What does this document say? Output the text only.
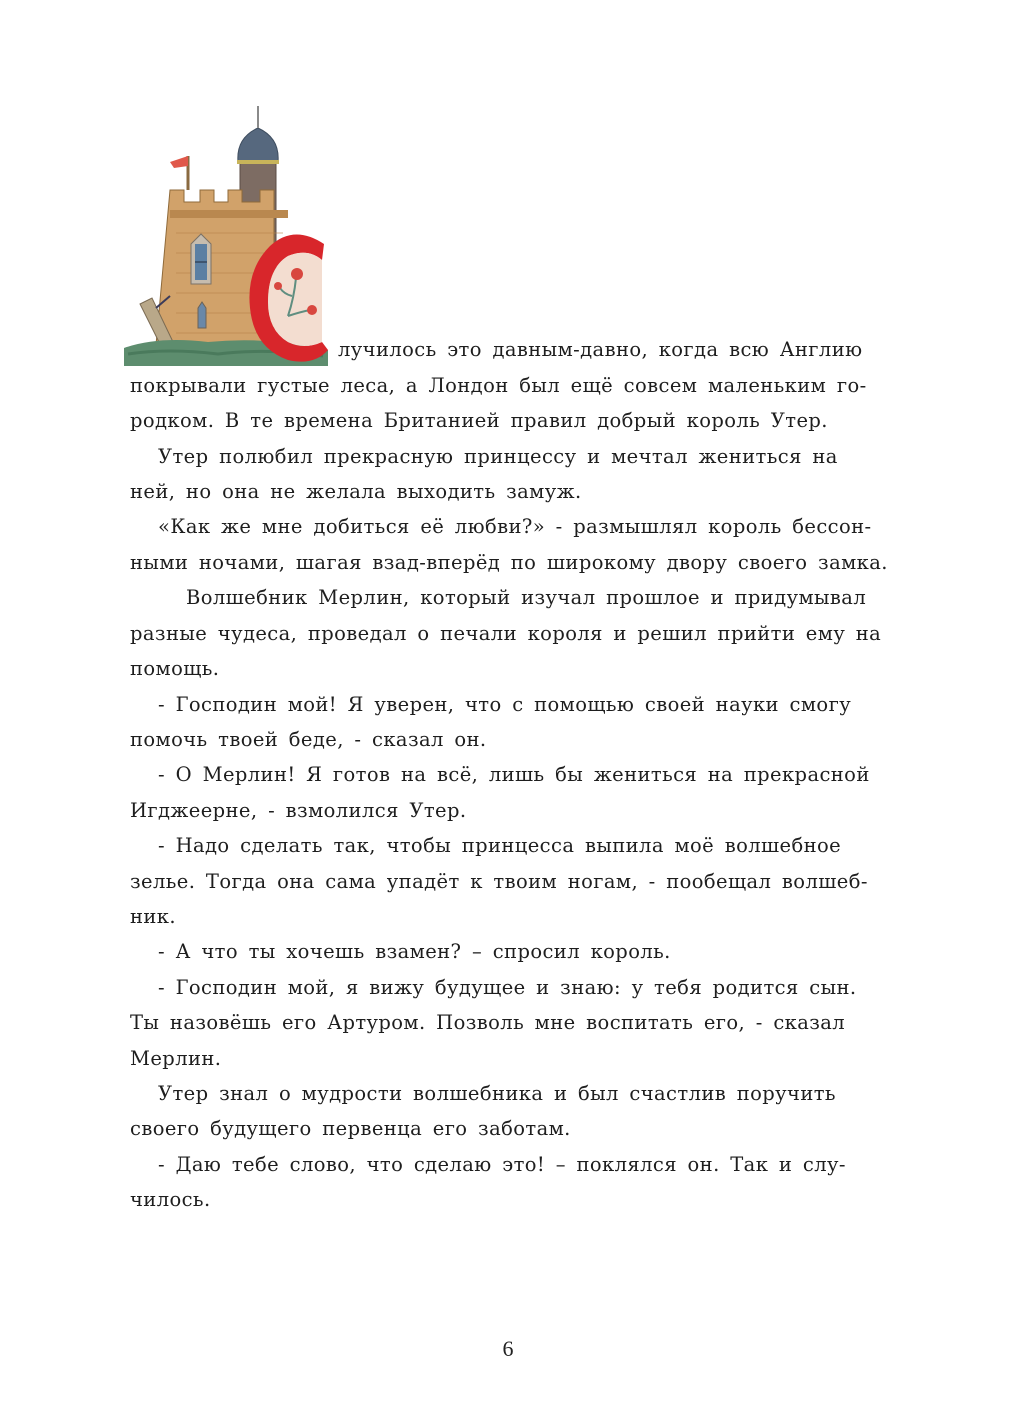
лучилось это давным-давно, когда всю Англию
покрывали густые леса, а Лондон был ещё совсем маленьким го-
родком. В те времена Британией правил добрый король Утер.
Утер полюбил прекрасную принцессу и мечтал жениться на
ней, но она не желала выходить замуж.
«Как же мне добиться её любви?» - размышлял король бессон-
ными ночами, шагая взад-вперёд по широкому двору своего замка.
Волшебник Мерлин, который изучал прошлое и придумывал
разные чудеса, проведал о печали короля и решил прийти ему на
помощь.
- Господин мой! Я уверен, что с помощью своей науки смогу
помочь твоей беде, - сказал он.
- О Мерлин! Я готов на всё, лишь бы жениться на прекрасной
Игджеерне, - взмолился Утер.
- Надо сделать так, чтобы принцесса выпила моё волшебное
зелье. Тогда она сама упадёт к твоим ногам, - пообещал волшеб-
ник.
- А что ты хочешь взамен? – спросил король.
- Господин мой, я вижу будущее и знаю: у тебя родится сын.
Ты назовёшь его Артуром. Позволь мне воспитать его, - сказал
Мерлин.
Утер знал о мудрости волшебника и был счастлив поручить
своего будущего первенца его заботам.
- Даю тебе слово, что сделаю это! – поклялся он. Так и слу-
чилось.
6
